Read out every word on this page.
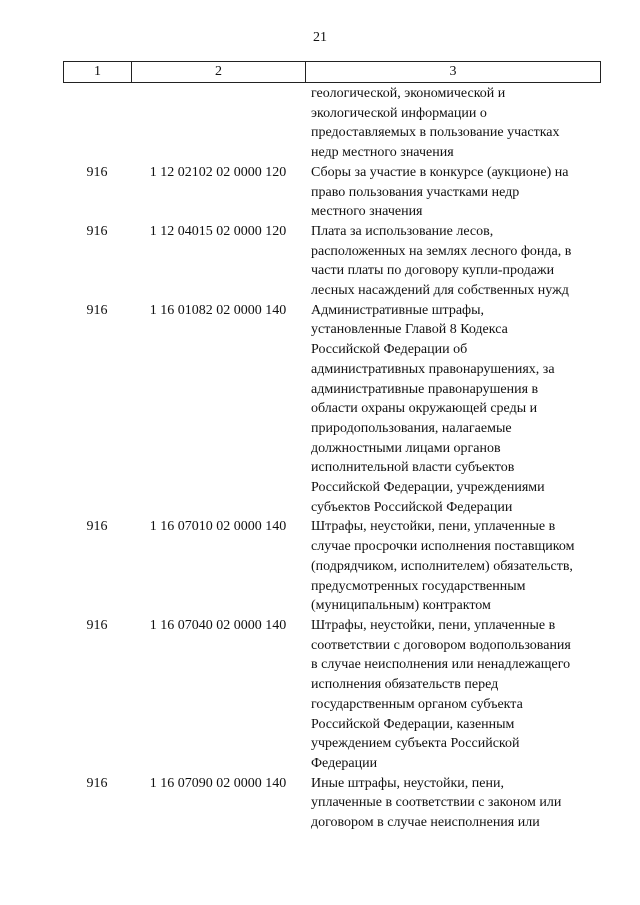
21
1	2	3
геологической, экономической и
экологической информации о
предоставляемых в пользование участках
недр местного значения
916	1 12 02102 02 0000 120	Сборы за участие в конкурсе (аукционе) на
право пользования участками недр
местного значения
916	1 12 04015 02 0000 120	Плата за использование лесов,
расположенных на землях лесного фонда, в
части платы по договору купли-продажи
лесных насаждений для собственных нужд
916	1 16 01082 02 0000 140	Административные штрафы,
установленные Главой 8 Кодекса
Российской Федерации об
административных правонарушениях, за
административные правонарушения в
области охраны окружающей среды и
природопользования, налагаемые
должностными лицами органов
исполнительной власти субъектов
Российской Федерации, учреждениями
субъектов Российской Федерации
916	1 16 07010 02 0000 140	Штрафы, неустойки, пени, уплаченные в
случае просрочки исполнения поставщиком
(подрядчиком, исполнителем) обязательств,
предусмотренных государственным
(муниципальным) контрактом
916	1 16 07040 02 0000 140	Штрафы, неустойки, пени, уплаченные в
соответствии с договором водопользования
в случае неисполнения или ненадлежащего
исполнения обязательств перед
государственным органом субъекта
Российской Федерации, казенным
учреждением субъекта Российской
Федерации
916	1 16 07090 02 0000 140	Иные штрафы, неустойки, пени,
уплаченные в соответствии с законом или
договором в случае неисполнения или
